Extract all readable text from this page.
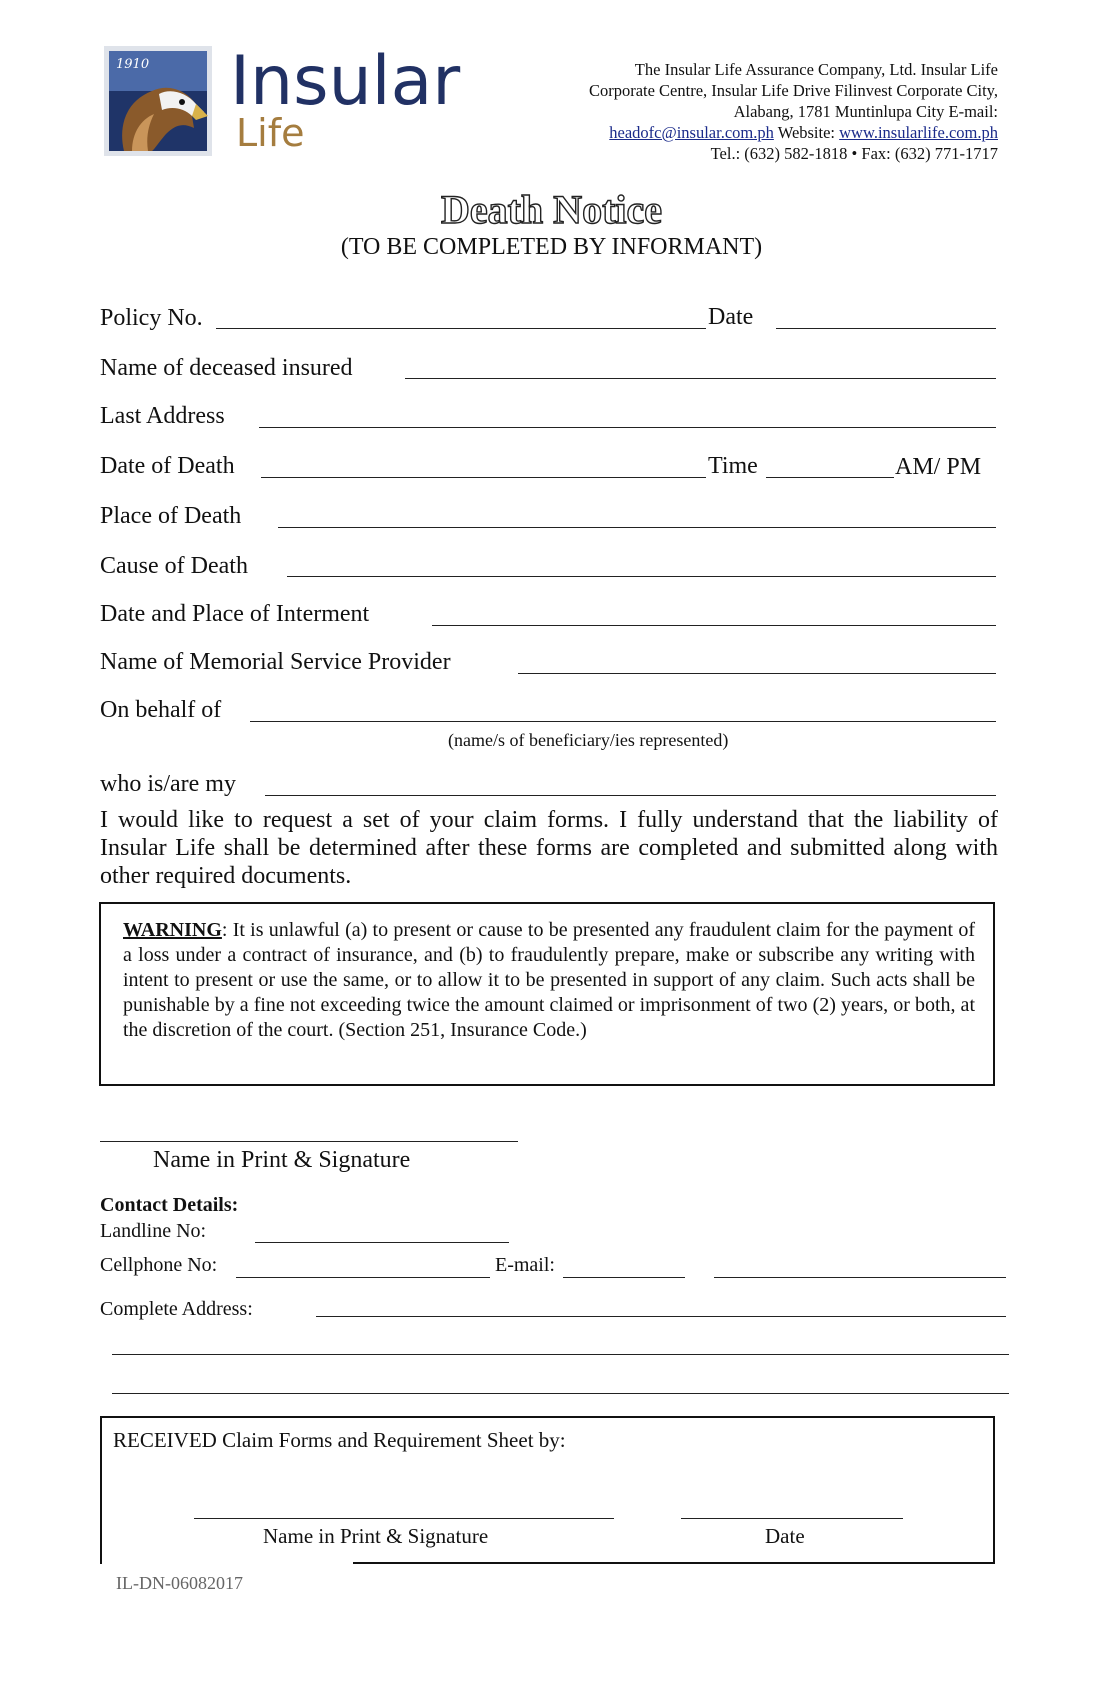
1910 Insular
Life
The Insular Life Assurance Company, Ltd. Insular Life
Corporate Centre, Insular Life Drive Filinvest Corporate City,
Alabang, 1781 Muntinlupa City E-mail:
headofc@insular.com.ph Website: www.insularlife.com.ph
Tel.: (632) 582-1818 • Fax: (632) 771-1717
Death Notice
(TO BE COMPLETED BY INFORMANT)
Policy No.	Date
Name of deceased insured
Last Address
Date of Death	Time	AM/ PM
Place of Death
Cause of Death
Date and Place of Interment
Name of Memorial Service Provider
On behalf of
(name/s of beneficiary/ies represented)
who is/are my
I would like to request a set of your claim forms. I fully understand that the liability of Insular Life shall be determined after these forms are completed and submitted along with other required documents.
WARNING: It is unlawful (a) to present or cause to be presented any fraudulent claim for the payment of a loss under a contract of insurance, and (b) to fraudulently prepare, make or subscribe any writing with intent to present or use the same, or to allow it to be presented in support of any claim. Such acts shall be punishable by a fine not exceeding twice the amount claimed or imprisonment of two (2) years, or both, at the discretion of the court. (Section 251, Insurance Code.)
Name in Print & Signature
Contact Details:
Landline No:
Cellphone No:	E-mail:
Complete Address:
RECEIVED Claim Forms and Requirement Sheet by:
Name in Print & Signature	Date
IL-DN-06082017
